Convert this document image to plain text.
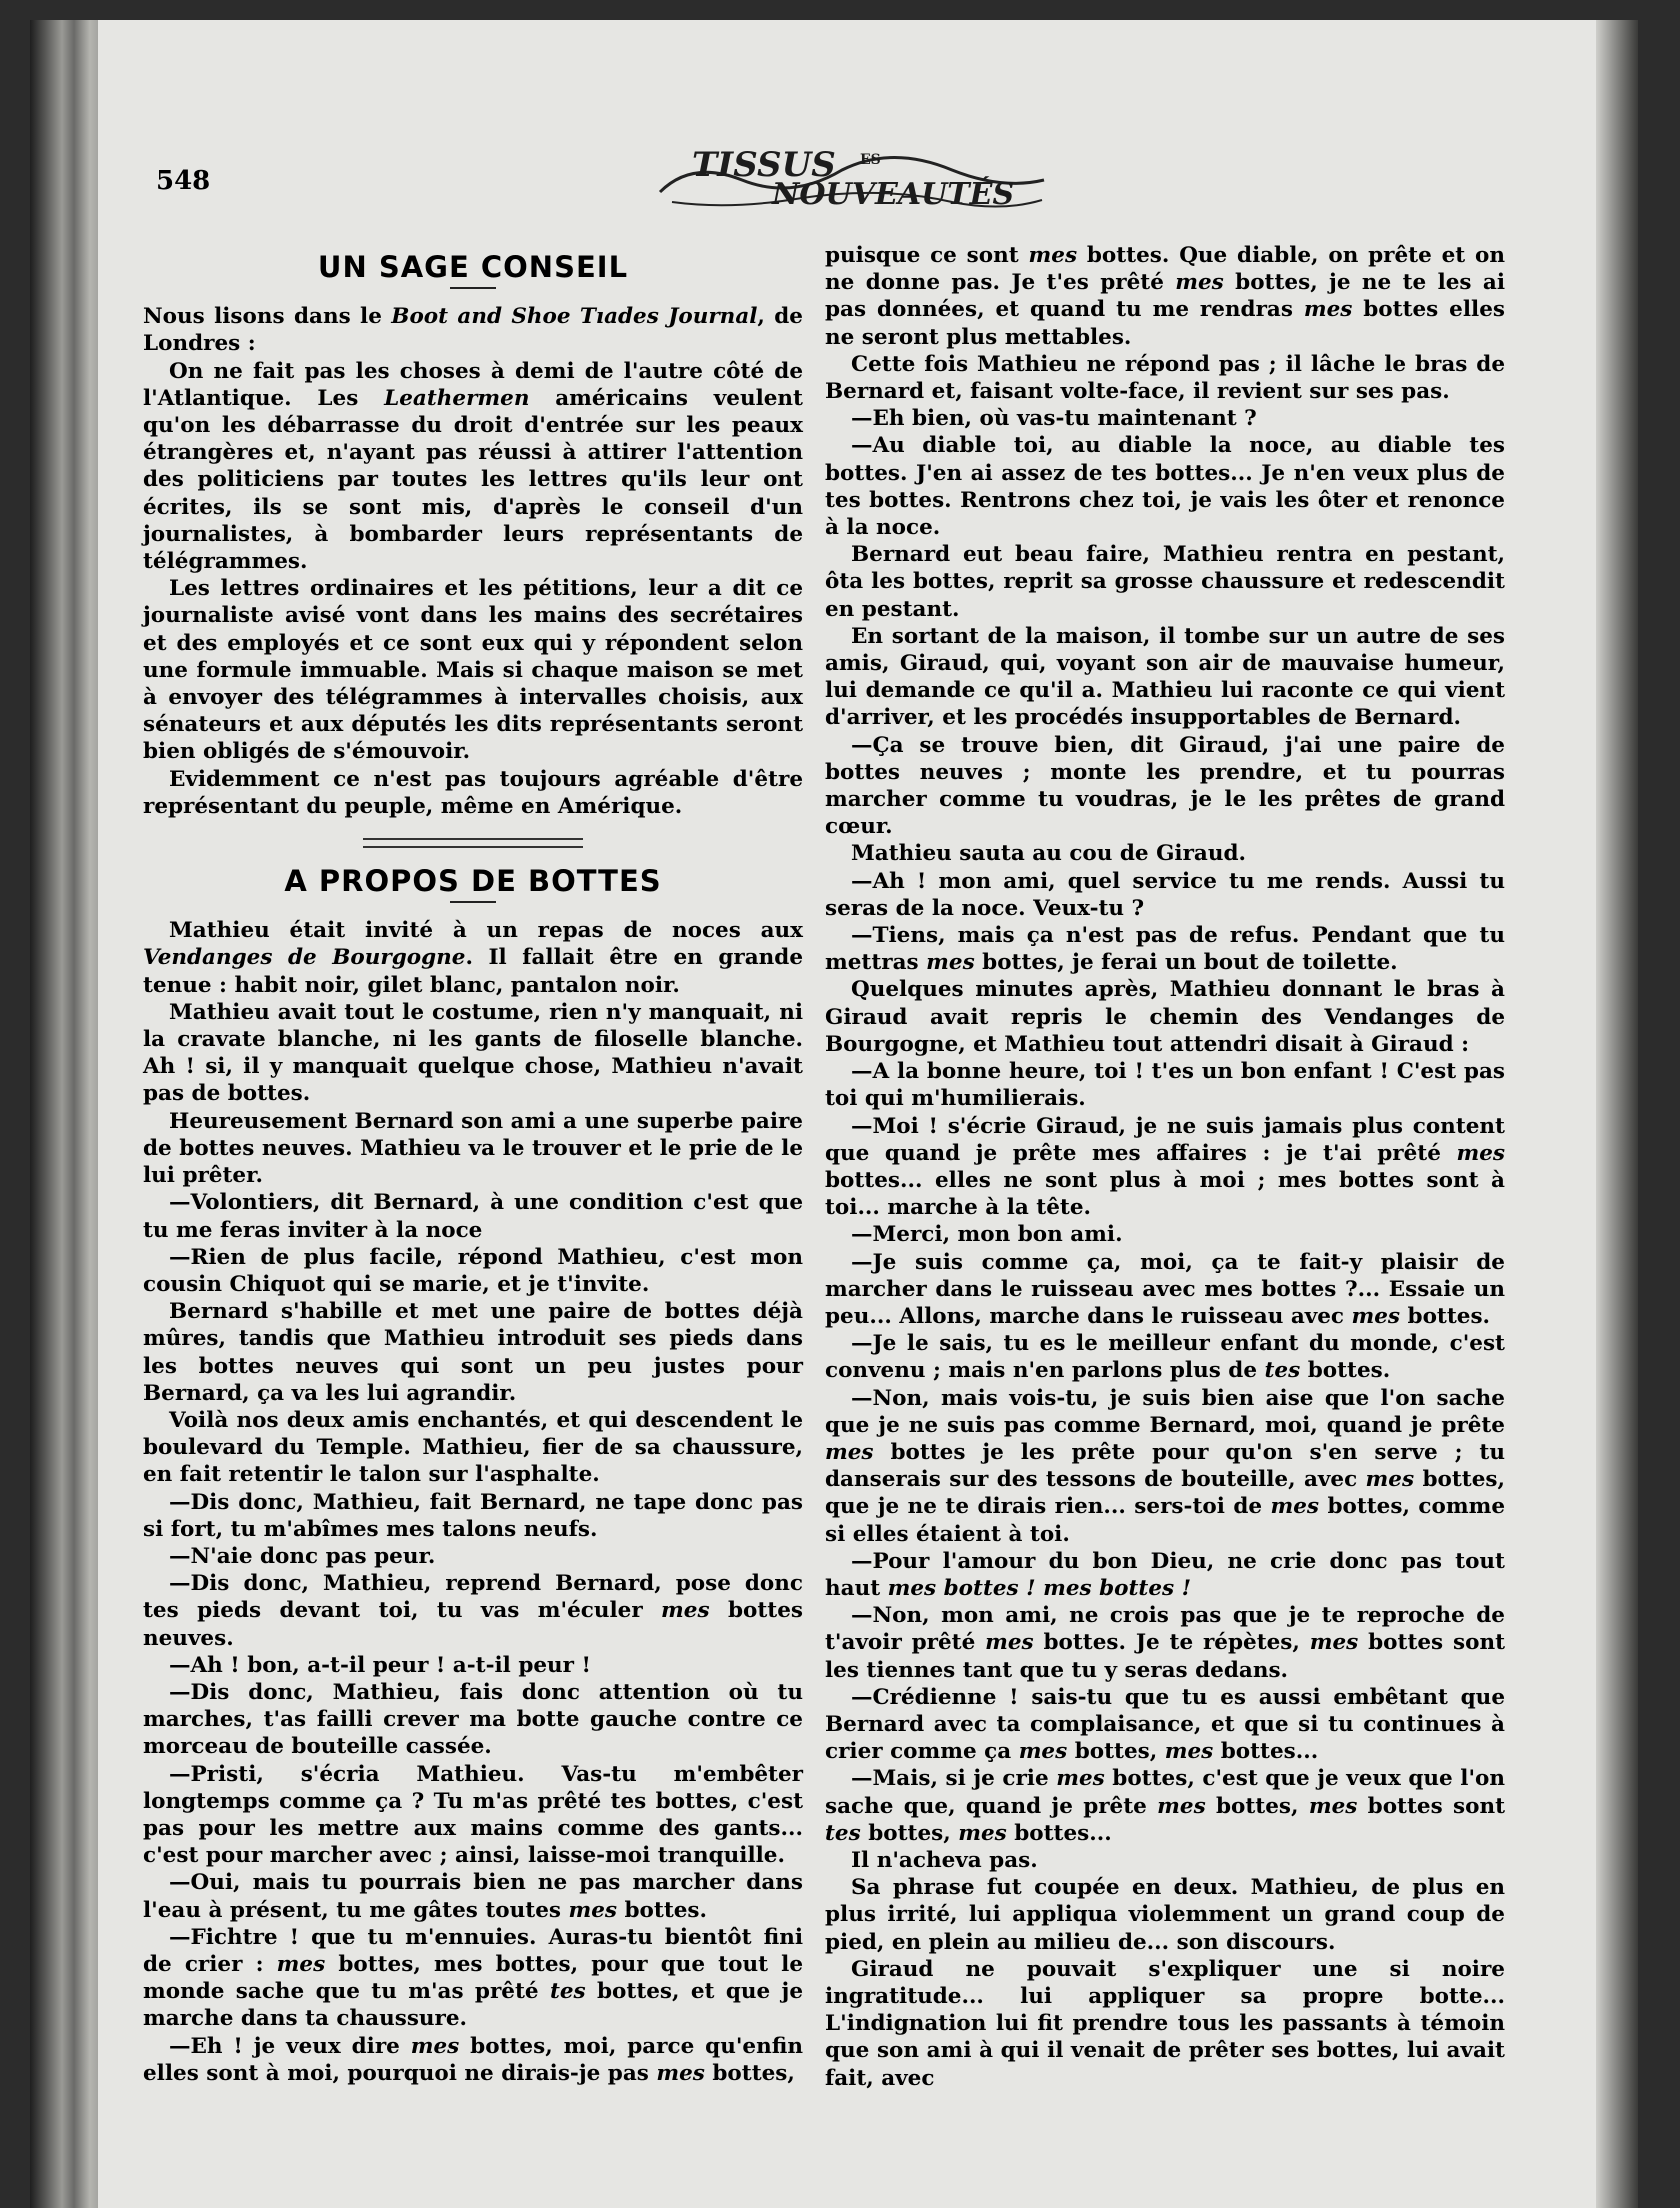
548	TISSUS ES
NOUVEAUTÉS
UN SAGE CONSEIL

Nous lisons dans le Boot and Shoe Tıades Journal, de Londres :

On ne fait pas les choses à demi de l'autre côté de l'Atlantique. Les Leathermen américains veulent qu'on les débarrasse du droit d'entrée sur les peaux étrangères et, n'ayant pas réussi à attirer l'attention des politiciens par toutes les lettres qu'ils leur ont écrites, ils se sont mis, d'après le conseil d'un journalistes, à bombarder leurs représentants de télégrammes.

Les lettres ordinaires et les pétitions, leur a dit ce journaliste avisé vont dans les mains des secrétaires et des employés et ce sont eux qui y répondent selon une formule immuable. Mais si chaque maison se met à envoyer des télégrammes à intervalles choisis, aux sénateurs et aux députés les dits représentants seront bien obligés de s'émouvoir.

Evidemment ce n'est pas toujours agréable d'être représentant du peuple, même en Amérique.

A PROPOS DE BOTTES

Mathieu était invité à un repas de noces aux Vendanges de Bourgogne. Il fallait être en grande tenue : habit noir, gilet blanc, pantalon noir.

Mathieu avait tout le costume, rien n'y manquait, ni la cravate blanche, ni les gants de filoselle blanche. Ah ! si, il y manquait quelque chose, Mathieu n'avait pas de bottes.

Heureusement Bernard son ami a une superbe paire de bottes neuves. Mathieu va le trouver et le prie de le lui prêter.

—Volontiers, dit Bernard, à une condition c'est que tu me feras inviter à la noce

—Rien de plus facile, répond Mathieu, c'est mon cousin Chiquot qui se marie, et je t'invite.

Bernard s'habille et met une paire de bottes déjà mûres, tandis que Mathieu introduit ses pieds dans les bottes neuves qui sont un peu justes pour Bernard, ça va les lui agrandir.

Voilà nos deux amis enchantés, et qui descendent le boulevard du Temple. Mathieu, fier de sa chaussure, en fait retentir le talon sur l'asphalte.

—Dis donc, Mathieu, fait Bernard, ne tape donc pas si fort, tu m'abîmes mes talons neufs.

—N'aie donc pas peur.

—Dis donc, Mathieu, reprend Bernard, pose donc tes pieds devant toi, tu vas m'éculer mes bottes neuves.

—Ah ! bon, a-t-il peur ! a-t-il peur !

—Dis donc, Mathieu, fais donc attention où tu marches, t'as failli crever ma botte gauche contre ce morceau de bouteille cassée.

—Pristi, s'écria Mathieu. Vas-tu m'embêter longtemps comme ça ? Tu m'as prêté tes bottes, c'est pas pour les mettre aux mains comme des gants... c'est pour marcher avec ; ainsi, laisse-moi tranquille.

—Oui, mais tu pourrais bien ne pas marcher dans l'eau à présent, tu me gâtes toutes mes bottes.

—Fichtre ! que tu m'ennuies. Auras-tu bientôt fini de crier : mes bottes, mes bottes, pour que tout le monde sache que tu m'as prêté tes bottes, et que je marche dans ta chaussure.

—Eh ! je veux dire mes bottes, moi, parce qu'enfin elles sont à moi, pourquoi ne dirais-je pas mes bottes,

puisque ce sont mes bottes. Que diable, on prête et on ne donne pas. Je t'es prêté mes bottes, je ne te les ai pas données, et quand tu me rendras mes bottes elles ne seront plus mettables.

Cette fois Mathieu ne répond pas ; il lâche le bras de Bernard et, faisant volte-face, il revient sur ses pas.

—Eh bien, où vas-tu maintenant ?

—Au diable toi, au diable la noce, au diable tes bottes. J'en ai assez de tes bottes... Je n'en veux plus de tes bottes. Rentrons chez toi, je vais les ôter et renonce à la noce.

Bernard eut beau faire, Mathieu rentra en pestant, ôta les bottes, reprit sa grosse chaussure et redescendit en pestant.

En sortant de la maison, il tombe sur un autre de ses amis, Giraud, qui, voyant son air de mauvaise humeur, lui demande ce qu'il a. Mathieu lui raconte ce qui vient d'arriver, et les procédés insupportables de Bernard.

—Ça se trouve bien, dit Giraud, j'ai une paire de bottes neuves ; monte les prendre, et tu pourras marcher comme tu voudras, je le les prêtes de grand cœur.

Mathieu sauta au cou de Giraud.

—Ah ! mon ami, quel service tu me rends. Aussi tu seras de la noce. Veux-tu ?

—Tiens, mais ça n'est pas de refus. Pendant que tu mettras mes bottes, je ferai un bout de toilette.

Quelques minutes après, Mathieu donnant le bras à Giraud avait repris le chemin des Vendanges de Bourgogne, et Mathieu tout attendri disait à Giraud :

—A la bonne heure, toi ! t'es un bon enfant ! C'est pas toi qui m'humilierais.

—Moi ! s'écrie Giraud, je ne suis jamais plus content que quand je prête mes affaires : je t'ai prêté mes bottes... elles ne sont plus à moi ; mes bottes sont à toi... marche à la tête.

—Merci, mon bon ami.

—Je suis comme ça, moi, ça te fait-y plaisir de marcher dans le ruisseau avec mes bottes ?... Essaie un peu... Allons, marche dans le ruisseau avec mes bottes.

—Je le sais, tu es le meilleur enfant du monde, c'est convenu ; mais n'en parlons plus de tes bottes.

—Non, mais vois-tu, je suis bien aise que l'on sache que je ne suis pas comme Bernard, moi, quand je prête mes bottes je les prête pour qu'on s'en serve ; tu danserais sur des tessons de bouteille, avec mes bottes, que je ne te dirais rien... sers-toi de mes bottes, comme si elles étaient à toi.

—Pour l'amour du bon Dieu, ne crie donc pas tout haut mes bottes ! mes bottes !

—Non, mon ami, ne crois pas que je te reproche de t'avoir prêté mes bottes. Je te répètes, mes bottes sont les tiennes tant que tu y seras dedans.

—Crédienne ! sais-tu que tu es aussi embêtant que Bernard avec ta complaisance, et que si tu continues à crier comme ça mes bottes, mes bottes...

—Mais, si je crie mes bottes, c'est que je veux que l'on sache que, quand je prête mes bottes, mes bottes sont tes bottes, mes bottes...

Il n'acheva pas.

Sa phrase fut coupée en deux. Mathieu, de plus en plus irrité, lui appliqua violemment un grand coup de pied, en plein au milieu de... son discours.

Giraud ne pouvait s'expliquer une si noire ingratitude... lui appliquer sa propre botte... L'indignation lui fit prendre tous les passants à témoin que son ami à qui il venait de prêter ses bottes, lui avait fait, avec
